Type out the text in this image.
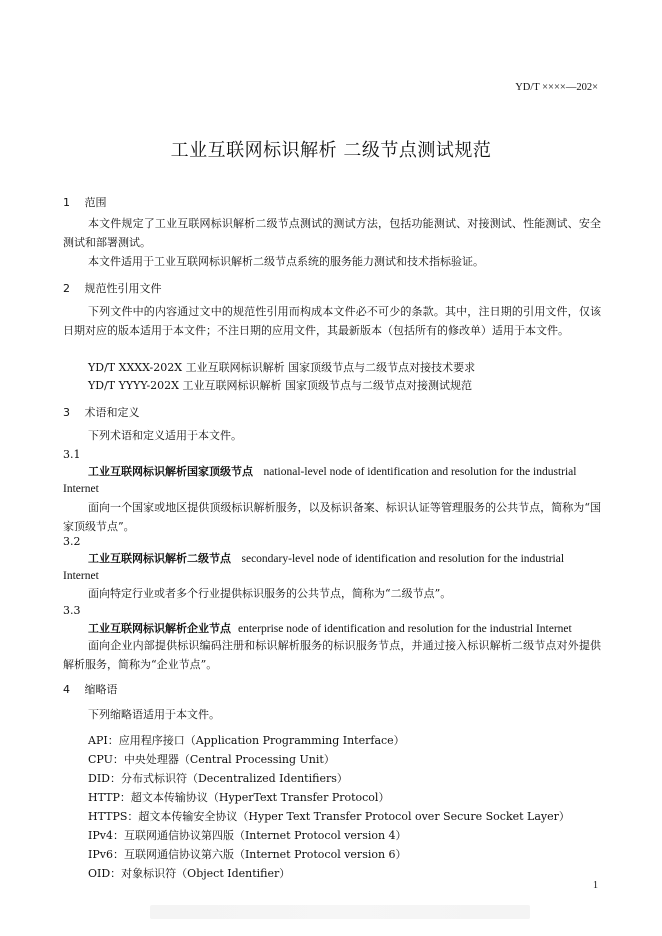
YD/T ××××—202×
工业互联网标识解析 二级节点测试规范
1 范围
本文件规定了工业互联网标识解析二级节点测试的测试方法，包括功能测试、对接测试、性能测试、安全测试和部署测试。
本文件适用于工业互联网标识解析二级节点系统的服务能力测试和技术指标验证。
2 规范性引用文件
下列文件中的内容通过文中的规范性引用而构成本文件必不可少的条款。其中，注日期的引用文件，仅该日期对应的版本适用于本文件；不注日期的应用文件，其最新版本（包括所有的修改单）适用于本文件。
YD/T XXXX-202X 工业互联网标识解析 国家顶级节点与二级节点对接技术要求
YD/T YYYY-202X 工业互联网标识解析 国家顶级节点与二级节点对接测试规范
3 术语和定义
下列术语和定义适用于本文件。
3.1
工业互联网标识解析国家顶级节点 national-level node of identification and resolution for the industrial
Internet
面向一个国家或地区提供顶级标识解析服务，以及标识备案、标识认证等管理服务的公共节点，简称为“国家顶级节点”。
3.2
工业互联网标识解析二级节点 secondary-level node of identification and resolution for the industrial
Internet
面向特定行业或者多个行业提供标识服务的公共节点，简称为“二级节点”。
3.3
工业互联网标识解析企业节点 enterprise node of identification and resolution for the industrial Internet
面向企业内部提供标识编码注册和标识解析服务的标识服务节点，并通过接入标识解析二级节点对外提供解析服务，简称为“企业节点”。
4 缩略语
下列缩略语适用于本文件。
API：应用程序接口（Application Programming Interface）
CPU：中央处理器（Central Processing Unit）
DID：分布式标识符（Decentralized Identifiers）
HTTP：超文本传输协议（HyperText Transfer Protocol）
HTTPS：超文本传输安全协议（Hyper Text Transfer Protocol over Secure Socket Layer）
IPv4：互联网通信协议第四版（Internet Protocol version 4）
IPv6：互联网通信协议第六版（Internet Protocol version 6）
OID：对象标识符（Object Identifier）
1
